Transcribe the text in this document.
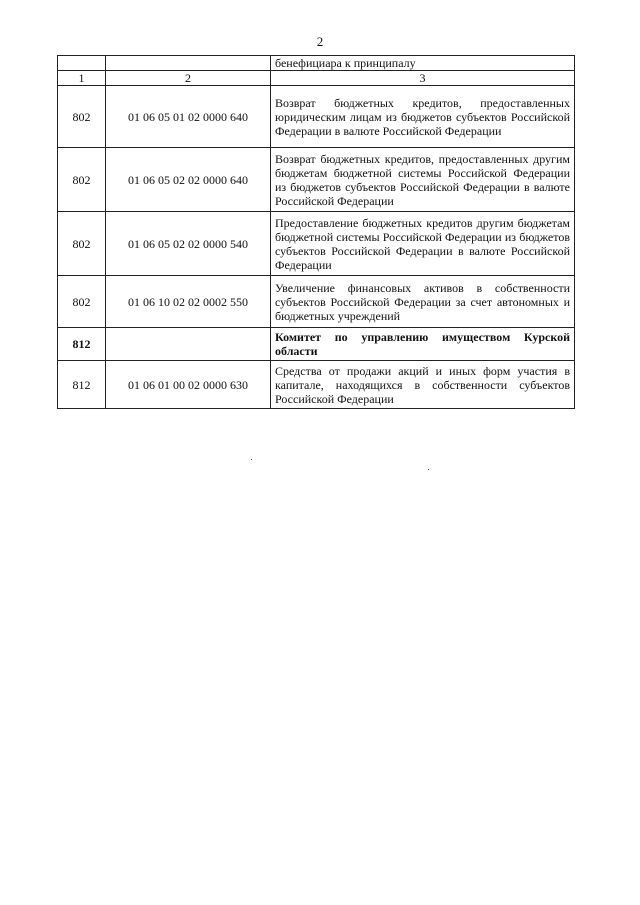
2
		бенефициара к принципалу
1	2	3
802	01 06 05 01 02 0000 640	Возврат бюджетных кредитов, предоставленных юридическим лицам из бюджетов субъектов Российской Федерации в валюте Российской Федерации
802	01 06 05 02 02 0000 640	Возврат бюджетных кредитов, предоставленных другим бюджетам бюджетной системы Российской Федерации из бюджетов субъектов Российской Федерации в валюте Российской Федерации
802	01 06 05 02 02 0000 540	Предоставление бюджетных кредитов другим бюджетам бюджетной системы Российской Федерации из бюджетов субъектов Российской Федерации в валюте Российской Федерации
802	01 06 10 02 02 0002 550	Увеличение финансовых активов в собственности субъектов Российской Федерации за счет автономных и бюджетных учреждений
812		Комитет по управлению имуществом Курской области
812	01 06 01 00 02 0000 630	Средства от продажи акций и иных форм участия в капитале, находящихся в собственности субъектов Российской Федерации
